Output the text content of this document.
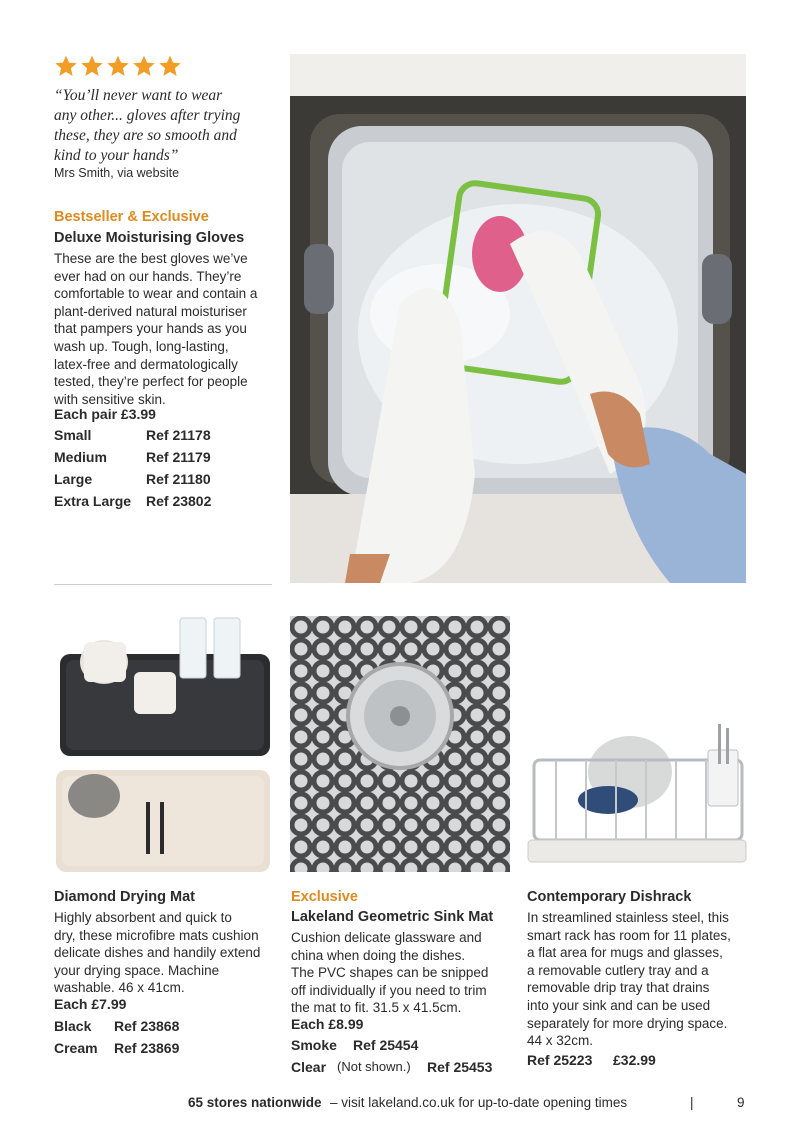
“You’ll never want to wear
any other... gloves after trying
these, they are so smooth and
kind to your hands”
Mrs Smith, via website
Bestseller & Exclusive
Deluxe Moisturising Gloves
These are the best gloves we’ve
ever had on our hands. They’re
comfortable to wear and contain a
plant-derived natural moisturiser
that pampers your hands as you
wash up. Tough, long-lasting,
latex-free and dermatologically
tested, they’re perfect for people
with sensitive skin.
Each pair £3.99
Small	Ref 21178
Medium	Ref 21179
Large	Ref 21180
Extra Large	Ref 23802
Diamond Drying Mat
Highly absorbent and quick to
dry, these microfibre mats cushion
delicate dishes and handily extend
your drying space. Machine
washable. 46 x 41cm.
Each £7.99
Black	Ref 23868
Cream	Ref 23869
Exclusive
Lakeland Geometric Sink Mat
Cushion delicate glassware and
china when doing the dishes.
The PVC shapes can be snipped
off individually if you need to trim
the mat to fit. 31.5 x 41.5cm.
Each £8.99
Smoke	Ref 25454
Clear (Not shown.)	Ref 25453
Contemporary Dishrack
In streamlined stainless steel, this
smart rack has room for 11 plates,
a flat area for mugs and glasses,
a removable cutlery tray and a
removable drip tray that drains
into your sink and can be used
separately for more drying space.
44 x 32cm.
Ref 25223	£32.99
65 stores nationwide – visit lakeland.co.uk for up-to-date opening times	|	9
